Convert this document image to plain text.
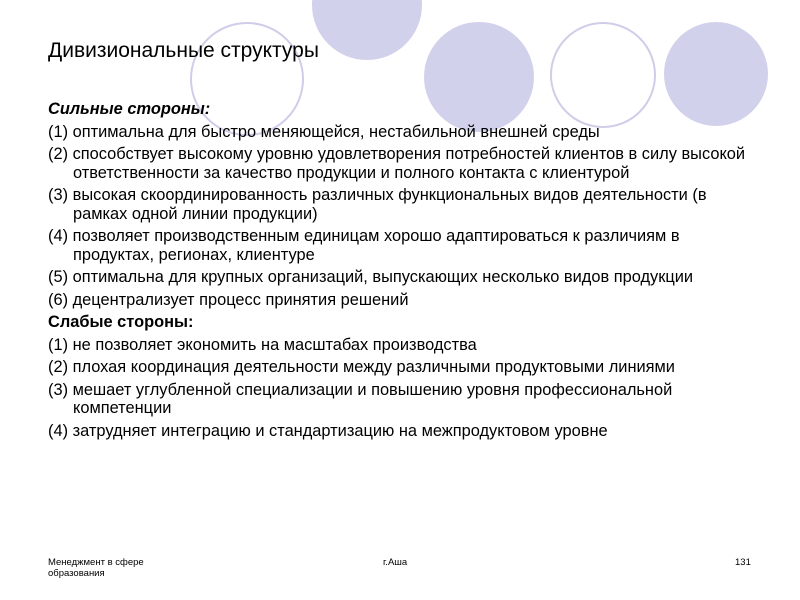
Дивизиональные структуры
Сильные стороны:
(1) оптимальна для быстро меняющейся, нестабильной внешней среды
(2) способствует высокому уровню удовлетворения потребностей клиентов в силу высокой ответственности за качество продукции и полного контакта с клиентурой
(3) высокая скоординированность различных функциональных видов деятельности (в рамках одной линии продукции)
(4) позволяет производственным единицам хорошо адаптироваться к различиям в продуктах, регионах, клиентуре
(5) оптимальна для крупных организаций, выпускающих несколько видов продукции
(6) децентрализует процесс принятия решений
Слабые стороны:
(1) не позволяет экономить на масштабах производства
(2) плохая координация деятельности между различными продуктовыми линиями
(3) мешает углубленной специализации и повышению уровня профессиональной компетенции
(4) затрудняет интеграцию и стандартизацию на межпродуктовом уровне
Менеджмент в сфере образования
г.Аша	131
